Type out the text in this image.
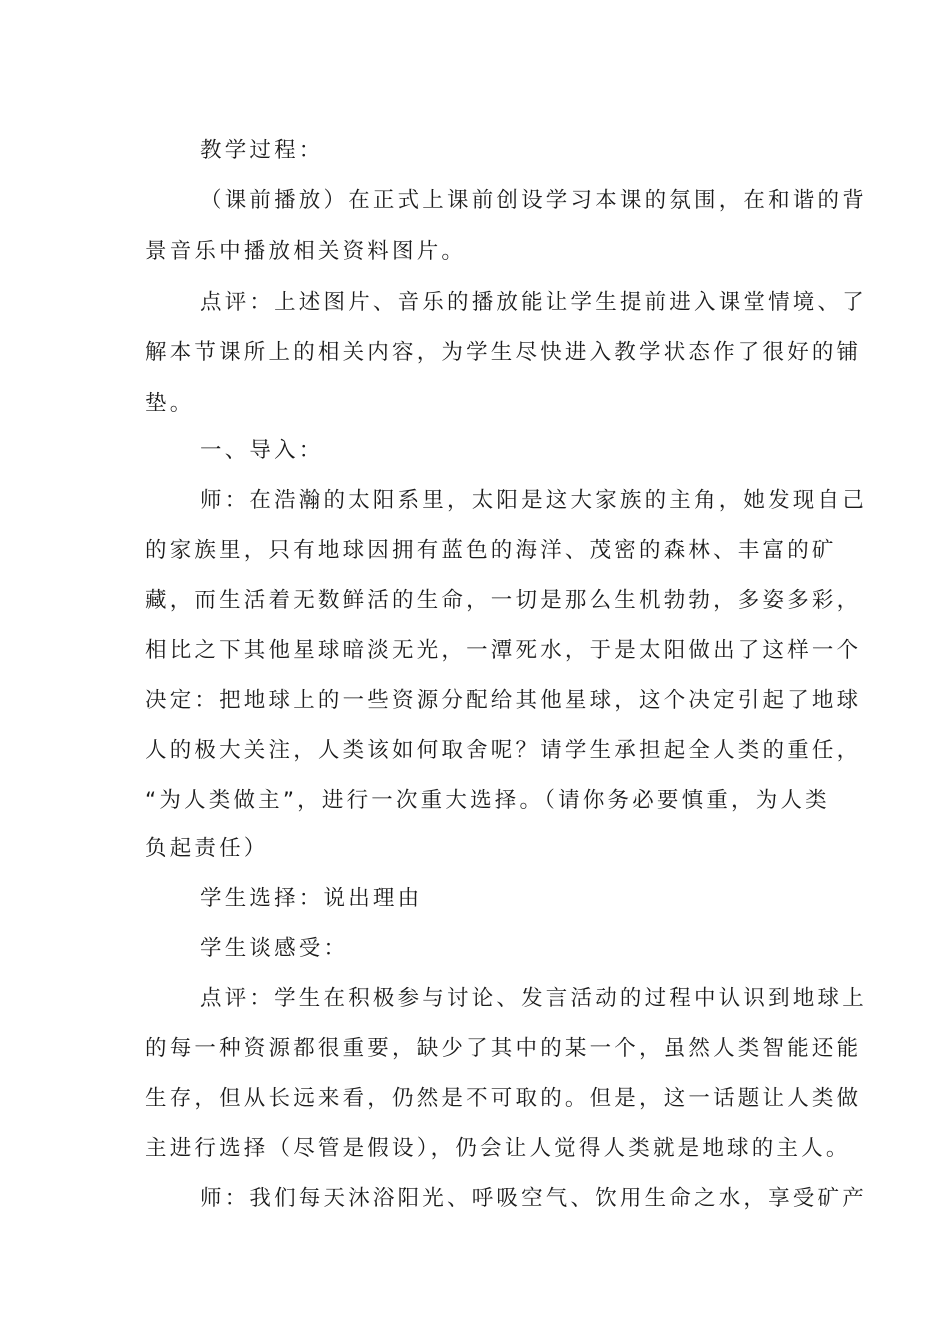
教学过程：
（课前播放）在正式上课前创设学习本课的氛围，在和谐的背
景音乐中播放相关资料图片。
点评：上述图片、音乐的播放能让学生提前进入课堂情境、了
解本节课所上的相关内容，为学生尽快进入教学状态作了很好的铺
垫。
一、导入：
师：在浩瀚的太阳系里，太阳是这大家族的主角，她发现自己
的家族里，只有地球因拥有蓝色的海洋、茂密的森林、丰富的矿
藏，而生活着无数鲜活的生命，一切是那么生机勃勃，多姿多彩，
相比之下其他星球暗淡无光，一潭死水，于是太阳做出了这样一个
决定：把地球上的一些资源分配给其他星球，这个决定引起了地球
人的极大关注，人类该如何取舍呢？请学生承担起全人类的重任，
“为人类做主”，进行一次重大选择。（请你务必要慎重，为人类
负起责任）
学生选择：说出理由
学生谈感受：
点评：学生在积极参与讨论、发言活动的过程中认识到地球上
的每一种资源都很重要，缺少了其中的某一个，虽然人类智能还能
生存，但从长远来看，仍然是不可取的。但是，这一话题让人类做
主进行选择（尽管是假设），仍会让人觉得人类就是地球的主人。
师：我们每天沐浴阳光、呼吸空气、饮用生命之水，享受矿产
